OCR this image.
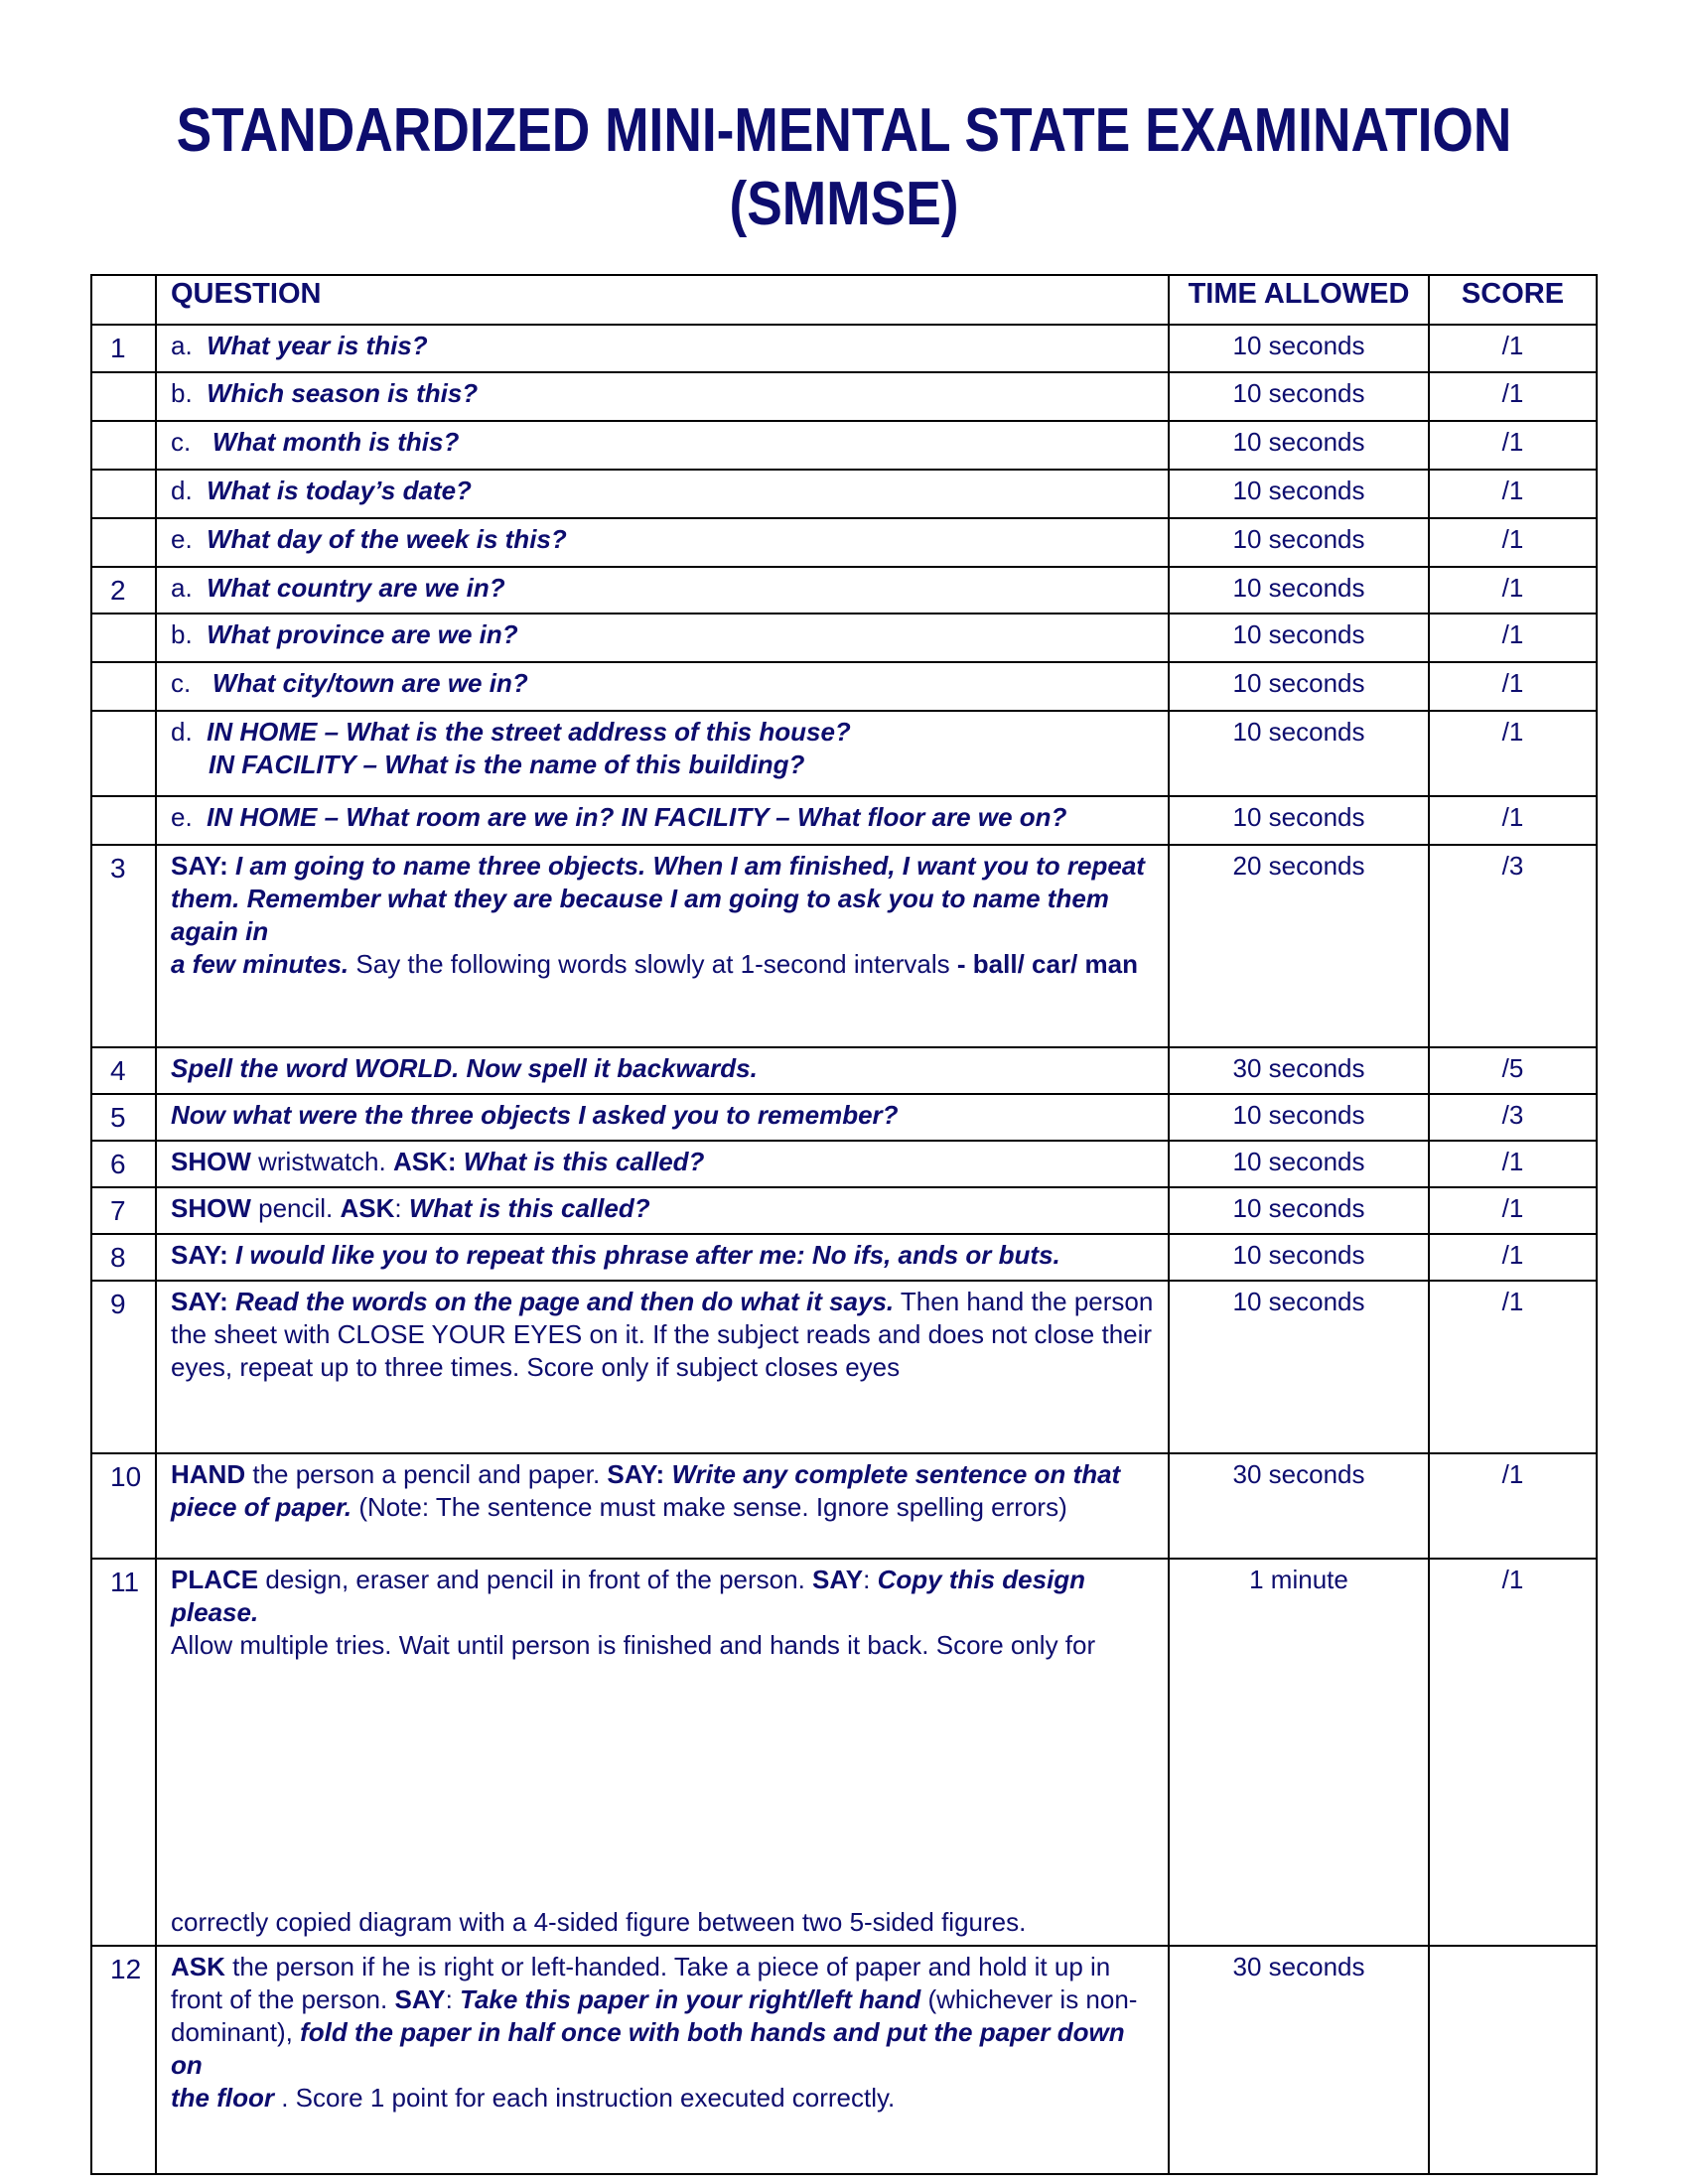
STANDARDIZED MINI-MENTAL STATE EXAMINATION
(SMMSE)
	QUESTION	TIME ALLOWED	SCORE
1	a. What year is this?	10 seconds	/1
	b. Which season is this?	10 seconds	/1
	c. What month is this?	10 seconds	/1
	d. What is today’s date?	10 seconds	/1
	e. What day of the week is this?	10 seconds	/1
2	a. What country are we in?	10 seconds	/1
	b. What province are we in?	10 seconds	/1
	c. What city/town are we in?	10 seconds	/1
	d. IN HOME – What is the street address of this house?
IN FACILITY – What is the name of this building?	10 seconds	/1
	e. IN HOME – What room are we in? IN FACILITY – What floor are we on?	10 seconds	/1
3	SAY: I am going to name three objects. When I am finished, I want you to repeat
them. Remember what they are because I am going to ask you to name them again in
a few minutes. Say the following words slowly at 1-second intervals - ball/ car/ man	20 seconds	/3
4	Spell the word WORLD. Now spell it backwards.	30 seconds	/5
5	Now what were the three objects I asked you to remember?	10 seconds	/3
6	SHOW wristwatch. ASK: What is this called?	10 seconds	/1
7	SHOW pencil. ASK: What is this called?	10 seconds	/1
8	SAY: I would like you to repeat this phrase after me: No ifs, ands or buts.	10 seconds	/1
9	SAY: Read the words on the page and then do what it says. Then hand the person
the sheet with CLOSE YOUR EYES on it. If the subject reads and does not close their
eyes, repeat up to three times. Score only if subject closes eyes	10 seconds	/1
10	HAND the person a pencil and paper. SAY: Write any complete sentence on that
piece of paper. (Note: The sentence must make sense. Ignore spelling errors)	30 seconds	/1
11	PLACE design, eraser and pencil in front of the person. SAY: Copy this design please.
Allow multiple tries. Wait until person is finished and hands it back. Score only for
correctly copied diagram with a 4-sided figure between two 5-sided figures.	1 minute	/1
12	ASK the person if he is right or left-handed. Take a piece of paper and hold it up in
front of the person. SAY: Take this paper in your right/left hand (whichever is non-
dominant), fold the paper in half once with both hands and put the paper down on
the floor . Score 1 point for each instruction executed correctly.	30 seconds	
